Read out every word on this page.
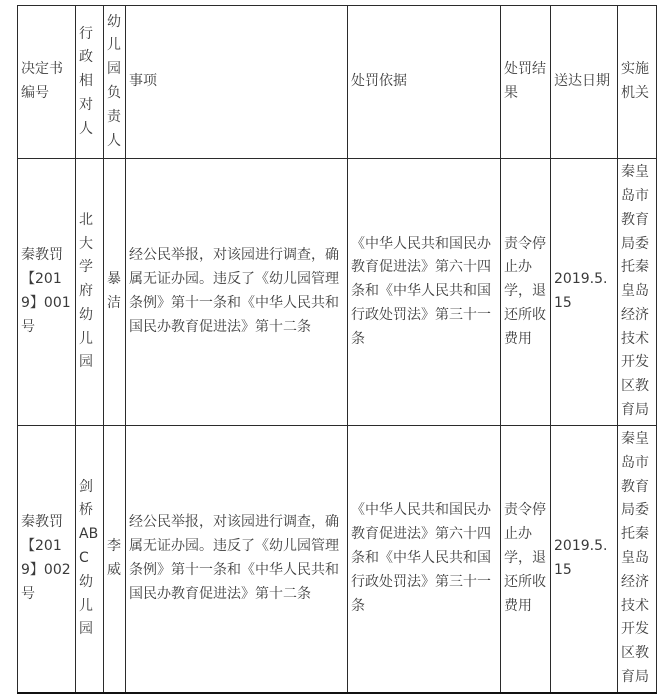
决定书编号	行政相对人	幼儿园负责人	事项	处罚依据	处罚结果	送达日期	实施机关
秦教罚【2019】001号	北大学府幼儿园	暴洁	经公民举报，对该园进行调查，确属无证办园。违反了《幼儿园管理条例》第十一条和《中华人民共和国民办教育促进法》第十二条	《中华人民共和国民办教育促进法》第六十四条和《中华人民共和国行政处罚法》第三十一条	责令停止办学，退还所收费用	2019.5.15	秦皇岛市教育局委托秦皇岛经济技术开发区教育局
秦教罚【2019】002号	剑桥ABC幼儿园	李威	经公民举报，对该园进行调查，确属无证办园。违反了《幼儿园管理条例》第十一条和《中华人民共和国民办教育促进法》第十二条	《中华人民共和国民办教育促进法》第六十四条和《中华人民共和国行政处罚法》第三十一条	责令停止办学，退还所收费用	2019.5.15	秦皇岛市教育局委托秦皇岛经济技术开发区教育局
